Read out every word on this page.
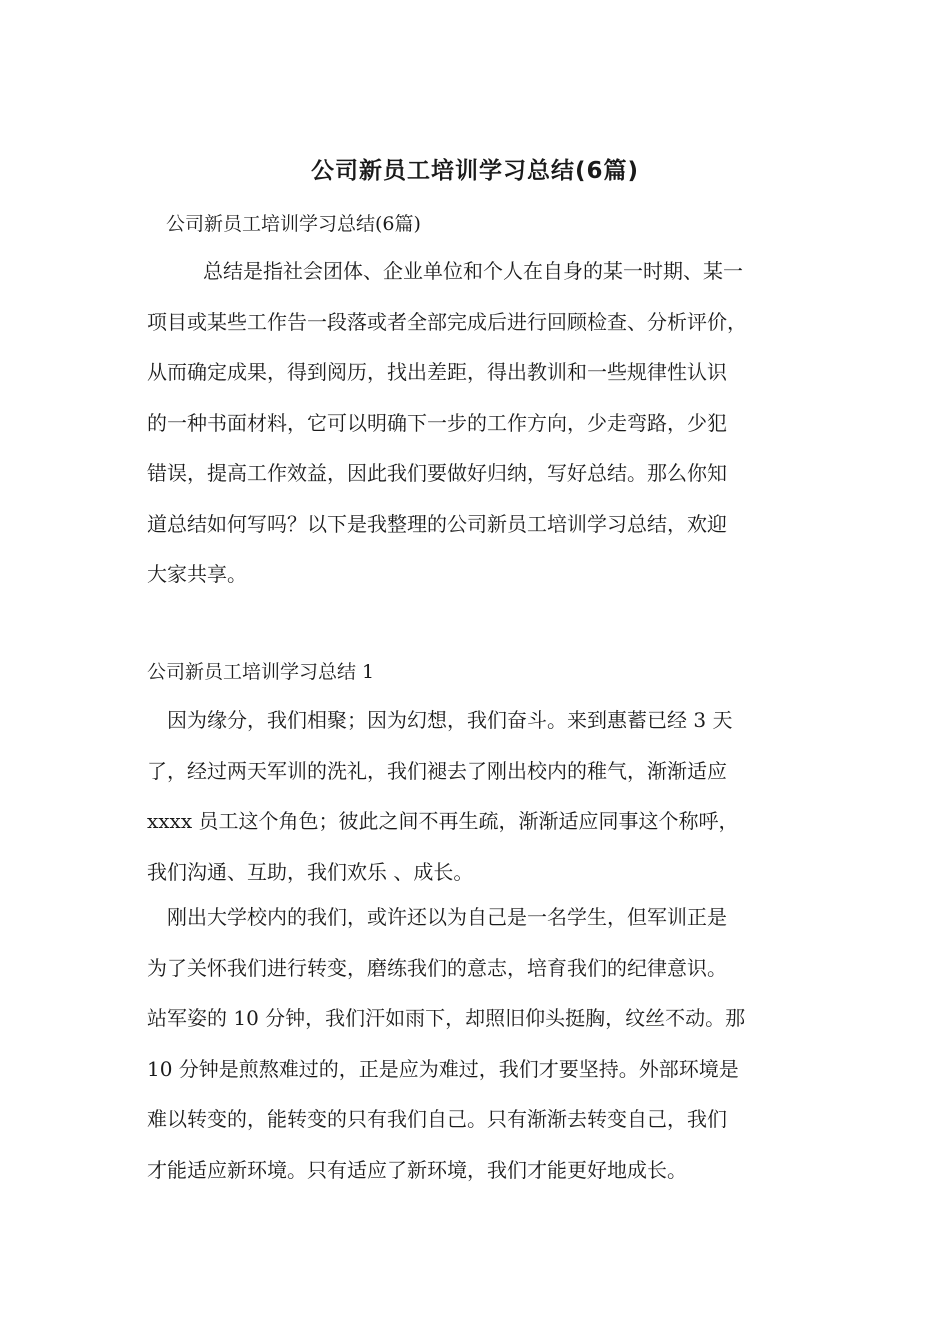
公司新员工培训学习总结(6篇)
公司新员工培训学习总结(6篇)
总结是指社会团体、企业单位和个人在自身的某一时期、某一
项目或某些工作告一段落或者全部完成后进行回顾检查、分析评价，
从而确定成果，得到阅历，找出差距，得出教训和一些规律性认识
的一种书面材料，它可以明确下一步的工作方向，少走弯路，少犯
错误，提高工作效益，因此我们要做好归纳，写好总结。那么你知
道总结如何写吗？以下是我整理的公司新员工培训学习总结，欢迎
大家共享。
公司新员工培训学习总结 1
因为缘分，我们相聚；因为幻想，我们奋斗。来到惠蓄已经 3 天
了，经过两天军训的洗礼，我们褪去了刚出校内的稚气，渐渐适应
xxxx 员工这个角色；彼此之间不再生疏，渐渐适应同事这个称呼，
我们沟通、互助，我们欢乐 、成长。
刚出大学校内的我们，或许还以为自己是一名学生，但军训正是
为了关怀我们进行转变，磨练我们的意志，培育我们的纪律意识。
站军姿的 10 分钟，我们汗如雨下，却照旧仰头挺胸，纹丝不动。那
10 分钟是煎熬难过的，正是应为难过，我们才要坚持。外部环境是
难以转变的，能转变的只有我们自己。只有渐渐去转变自己，我们
才能适应新环境。只有适应了新环境，我们才能更好地成长。
